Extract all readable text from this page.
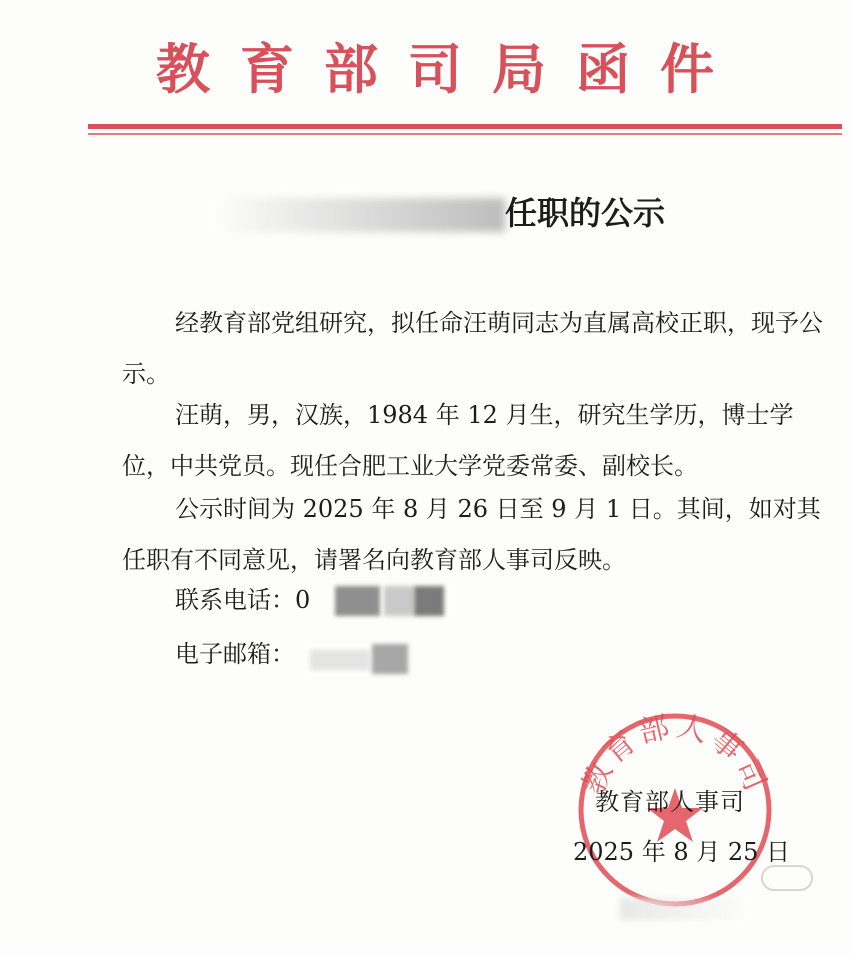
教育部司局函件
任职的公示
经教育部党组研究，拟任命汪萌同志为直属高校正职，现予公示。
汪萌，男，汉族，1984 年 12 月生，研究生学历，博士学位，中共党员。现任合肥工业大学党委常委、副校长。
公示时间为 2025 年 8 月 26 日至 9 月 1 日。其间，如对其任职有不同意见，请署名向教育部人事司反映。
联系电话：0
电子邮箱：
教育部人事司
教育部人事司
2025 年 8 月 25 日
